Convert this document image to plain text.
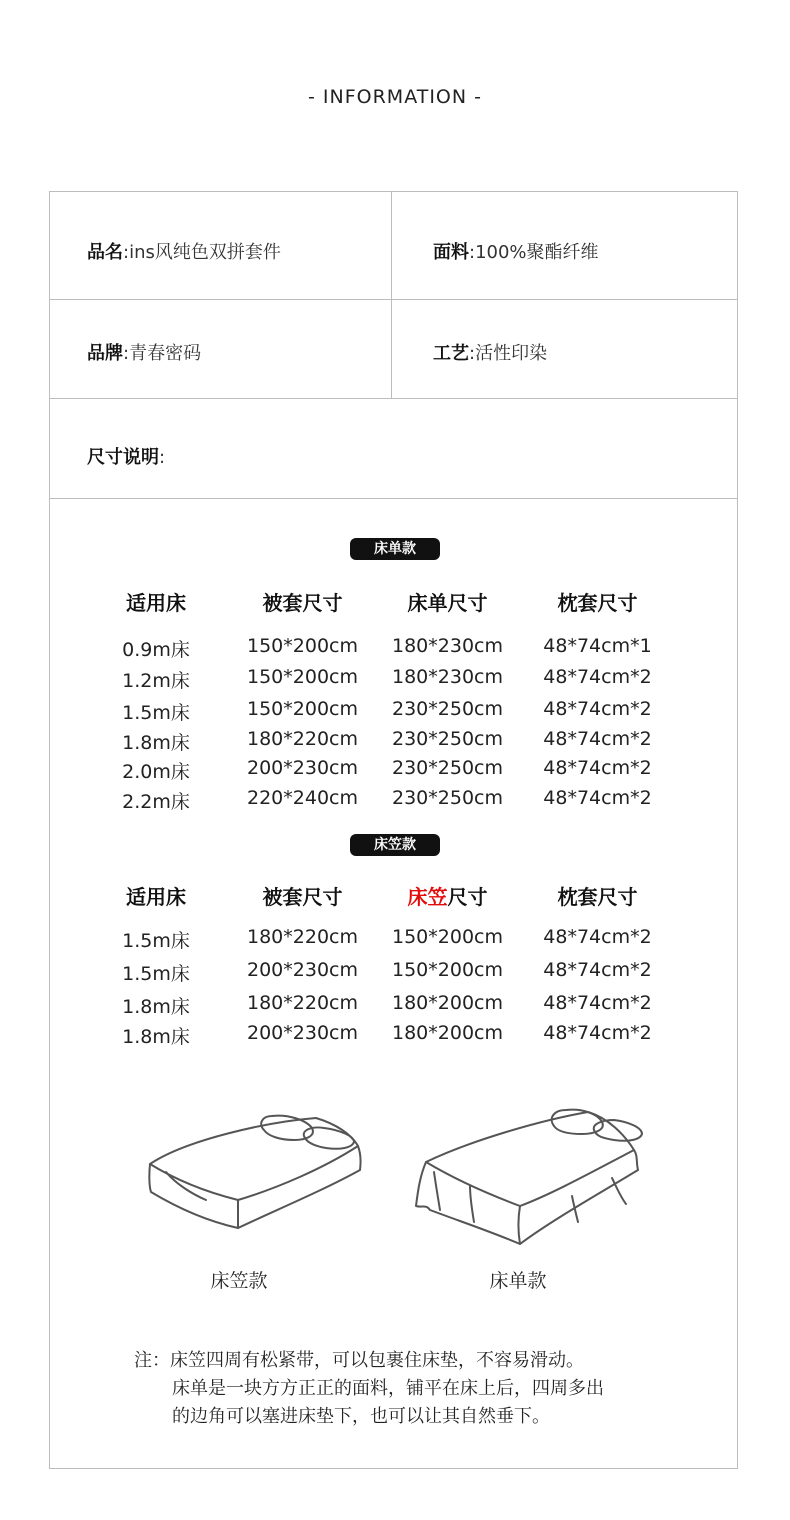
- INFORMATION -
品名:ins风纯色双拼套件	面料:100%聚酯纤维
品牌:青春密码	工艺:活性印染
尺寸说明:
床单款
适用床	被套尺寸	床单尺寸	枕套尺寸
0.9m床	150*200cm	180*230cm	48*74cm*1
1.2m床	150*200cm	180*230cm	48*74cm*2
1.5m床	150*200cm	230*250cm	48*74cm*2
1.8m床	180*220cm	230*250cm	48*74cm*2
2.0m床	200*230cm	230*250cm	48*74cm*2
2.2m床	220*240cm	230*250cm	48*74cm*2
床笠款
适用床	被套尺寸	床笠尺寸	枕套尺寸
1.5m床	180*220cm	150*200cm	48*74cm*2
1.5m床	200*230cm	150*200cm	48*74cm*2
1.8m床	180*220cm	180*200cm	48*74cm*2
1.8m床	200*230cm	180*200cm	48*74cm*2
床笠款	床单款
注：床笠四周有松紧带，可以包裹住床垫，不容易滑动。
床单是一块方方正正的面料，铺平在床上后，四周多出
的边角可以塞进床垫下，也可以让其自然垂下。
